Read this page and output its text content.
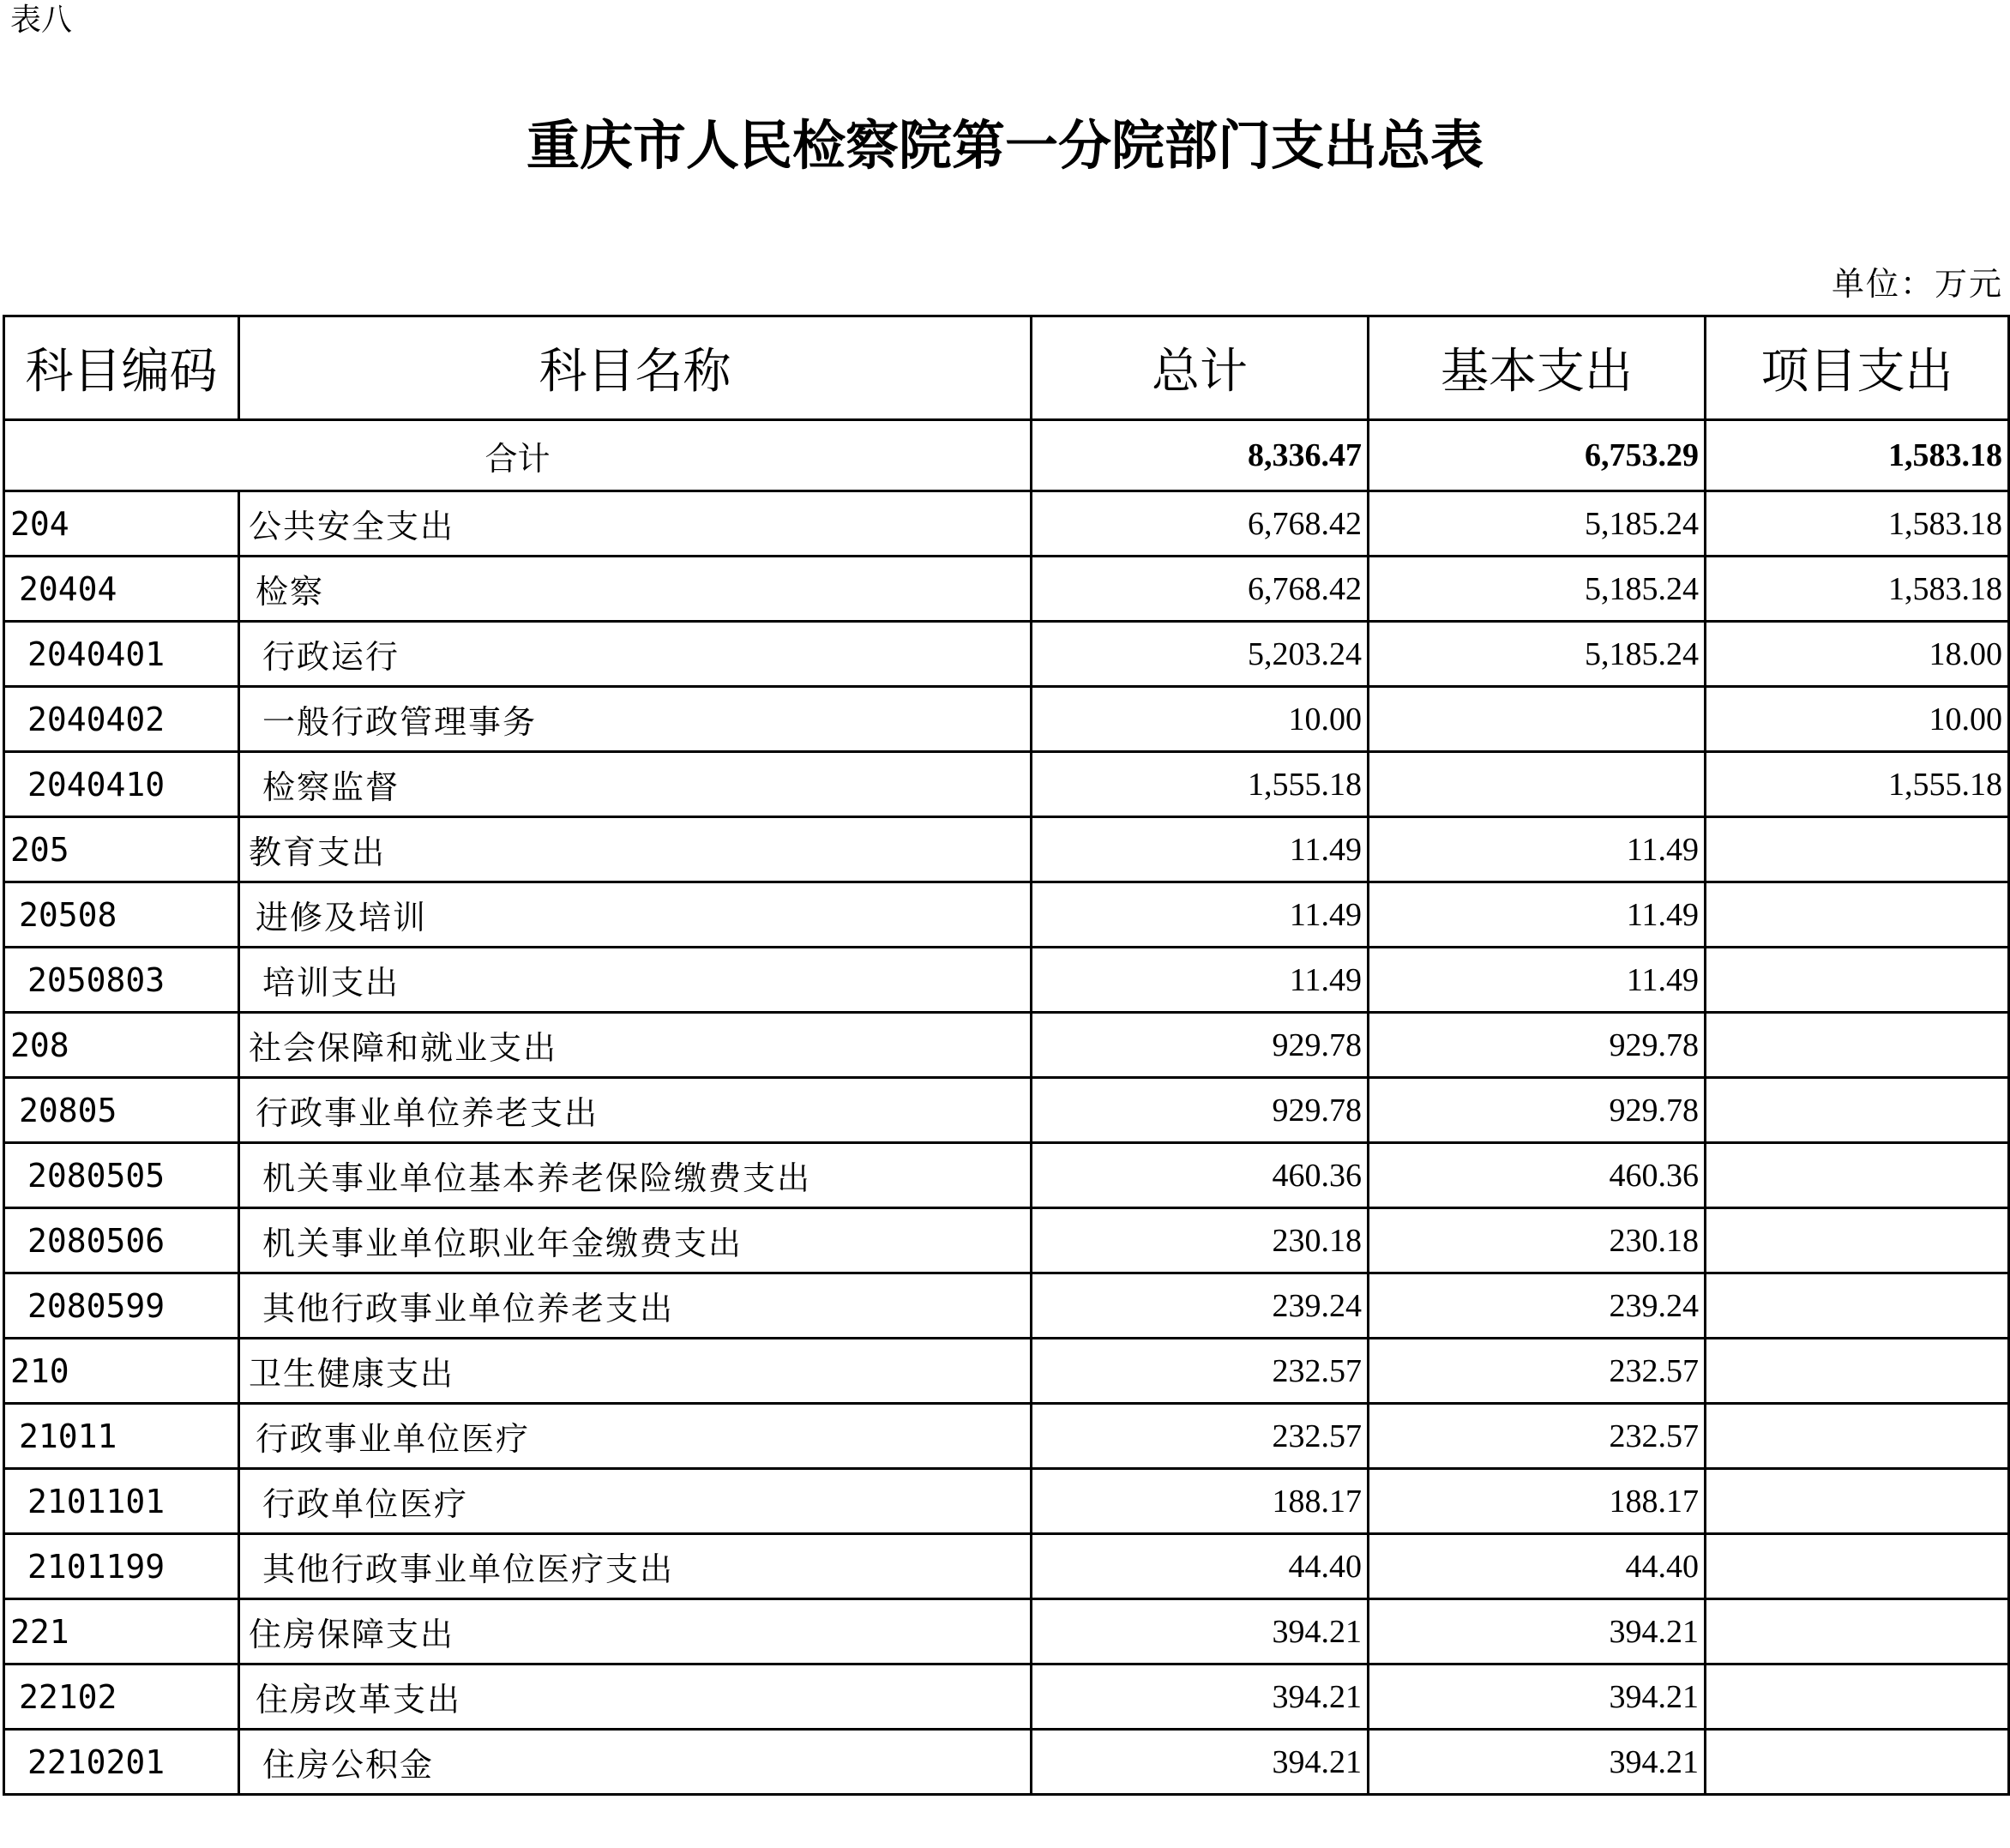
表八
重庆市人民检察院第一分院部门支出总表
单位：万元
科目编码	科目名称	总计	基本支出	项目支出
合计		8,336.47	6,753.29	1,583.18
204	公共安全支出	6,768.42	5,185.24	1,583.18
20404	检察	6,768.42	5,185.24	1,583.18
2040401	行政运行	5,203.24	5,185.24	18.00
2040402	一般行政管理事务	10.00		10.00
2040410	检察监督	1,555.18		1,555.18
205	教育支出	11.49	11.49	
20508	进修及培训	11.49	11.49	
2050803	培训支出	11.49	11.49	
208	社会保障和就业支出	929.78	929.78	
20805	行政事业单位养老支出	929.78	929.78	
2080505	机关事业单位基本养老保险缴费支出	460.36	460.36	
2080506	机关事业单位职业年金缴费支出	230.18	230.18	
2080599	其他行政事业单位养老支出	239.24	239.24	
210	卫生健康支出	232.57	232.57	
21011	行政事业单位医疗	232.57	232.57	
2101101	行政单位医疗	188.17	188.17	
2101199	其他行政事业单位医疗支出	44.40	44.40	
221	住房保障支出	394.21	394.21	
22102	住房改革支出	394.21	394.21	
2210201	住房公积金	394.21	394.21	
